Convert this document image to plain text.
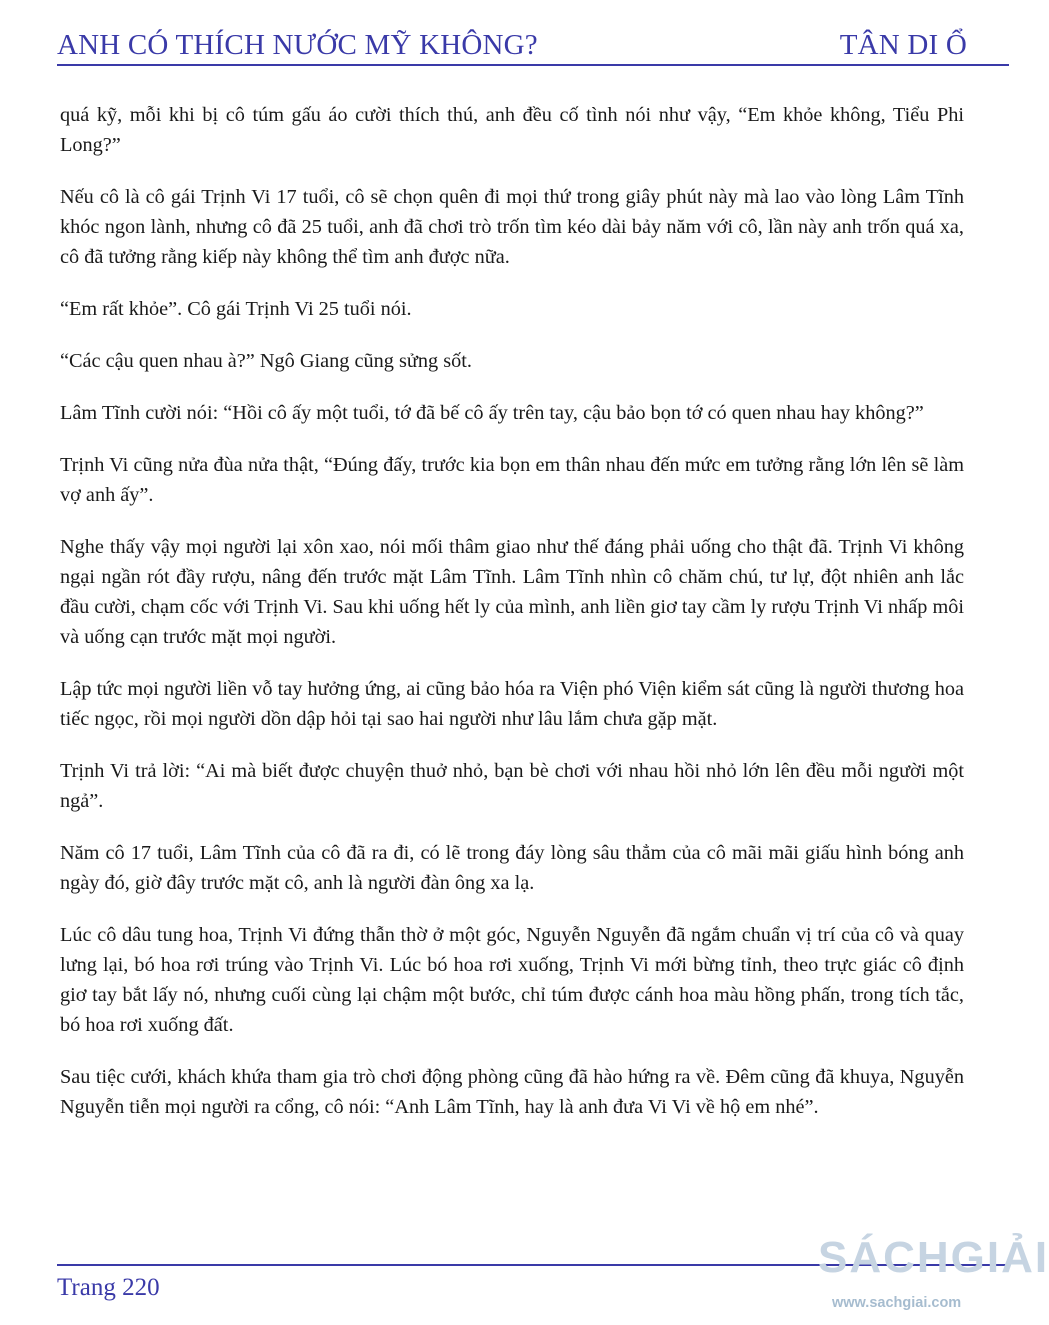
ANH CÓ THÍCH NƯỚC MỸ KHÔNG?	TÂN DI Ổ

quá kỹ, mỗi khi bị cô túm gấu áo cười thích thú, anh đều cố tình nói như vậy, “Em khỏe không, Tiểu Phi Long?”

Nếu cô là cô gái Trịnh Vi 17 tuổi, cô sẽ chọn quên đi mọi thứ trong giây phút này mà lao vào lòng Lâm Tĩnh khóc ngon lành, nhưng cô đã 25 tuổi, anh đã chơi trò trốn tìm kéo dài bảy năm với cô, lần này anh trốn quá xa, cô đã tưởng rằng kiếp này không thể tìm anh được nữa.

“Em rất khỏe”. Cô gái Trịnh Vi 25 tuổi nói.

“Các cậu quen nhau à?” Ngô Giang cũng sửng sốt.

Lâm Tĩnh cười nói: “Hồi cô ấy một tuổi, tớ đã bế cô ấy trên tay, cậu bảo bọn tớ có quen nhau hay không?”

Trịnh Vi cũng nửa đùa nửa thật, “Đúng đấy, trước kia bọn em thân nhau đến mức em tưởng rằng lớn lên sẽ làm vợ anh ấy”.

Nghe thấy vậy mọi người lại xôn xao, nói mối thâm giao như thế đáng phải uống cho thật đã. Trịnh Vi không ngại ngần rót đầy rượu, nâng đến trước mặt Lâm Tĩnh. Lâm Tĩnh nhìn cô chăm chú, tư lự, đột nhiên anh lắc đầu cười, chạm cốc với Trịnh Vi. Sau khi uống hết ly của mình, anh liền giơ tay cầm ly rượu Trịnh Vi nhấp môi và uống cạn trước mặt mọi người.

Lập tức mọi người liền vỗ tay hưởng ứng, ai cũng bảo hóa ra Viện phó Viện kiểm sát cũng là người thương hoa tiếc ngọc, rồi mọi người dồn dập hỏi tại sao hai người như lâu lắm chưa gặp mặt.

Trịnh Vi trả lời: “Ai mà biết được chuyện thuở nhỏ, bạn bè chơi với nhau hồi nhỏ lớn lên đều mỗi người một ngả”.

Năm cô 17 tuổi, Lâm Tĩnh của cô đã ra đi, có lẽ trong đáy lòng sâu thẳm của cô mãi mãi giấu hình bóng anh ngày đó, giờ đây trước mặt cô, anh là người đàn ông xa lạ.

Lúc cô dâu tung hoa, Trịnh Vi đứng thẫn thờ ở một góc, Nguyễn Nguyễn đã ngắm chuẩn vị trí của cô và quay lưng lại, bó hoa rơi trúng vào Trịnh Vi. Lúc bó hoa rơi xuống, Trịnh Vi mới bừng tỉnh, theo trực giác cô định giơ tay bắt lấy nó, nhưng cuối cùng lại chậm một bước, chỉ túm được cánh hoa màu hồng phấn, trong tích tắc, bó hoa rơi xuống đất.

Sau tiệc cưới, khách khứa tham gia trò chơi động phòng cũng đã hào hứng ra về. Đêm cũng đã khuya, Nguyễn Nguyễn tiễn mọi người ra cổng, cô nói: “Anh Lâm Tĩnh, hay là anh đưa Vi Vi về hộ em nhé”.

Trang 220
SÁCHGIẢI
www.sachgiai.com
